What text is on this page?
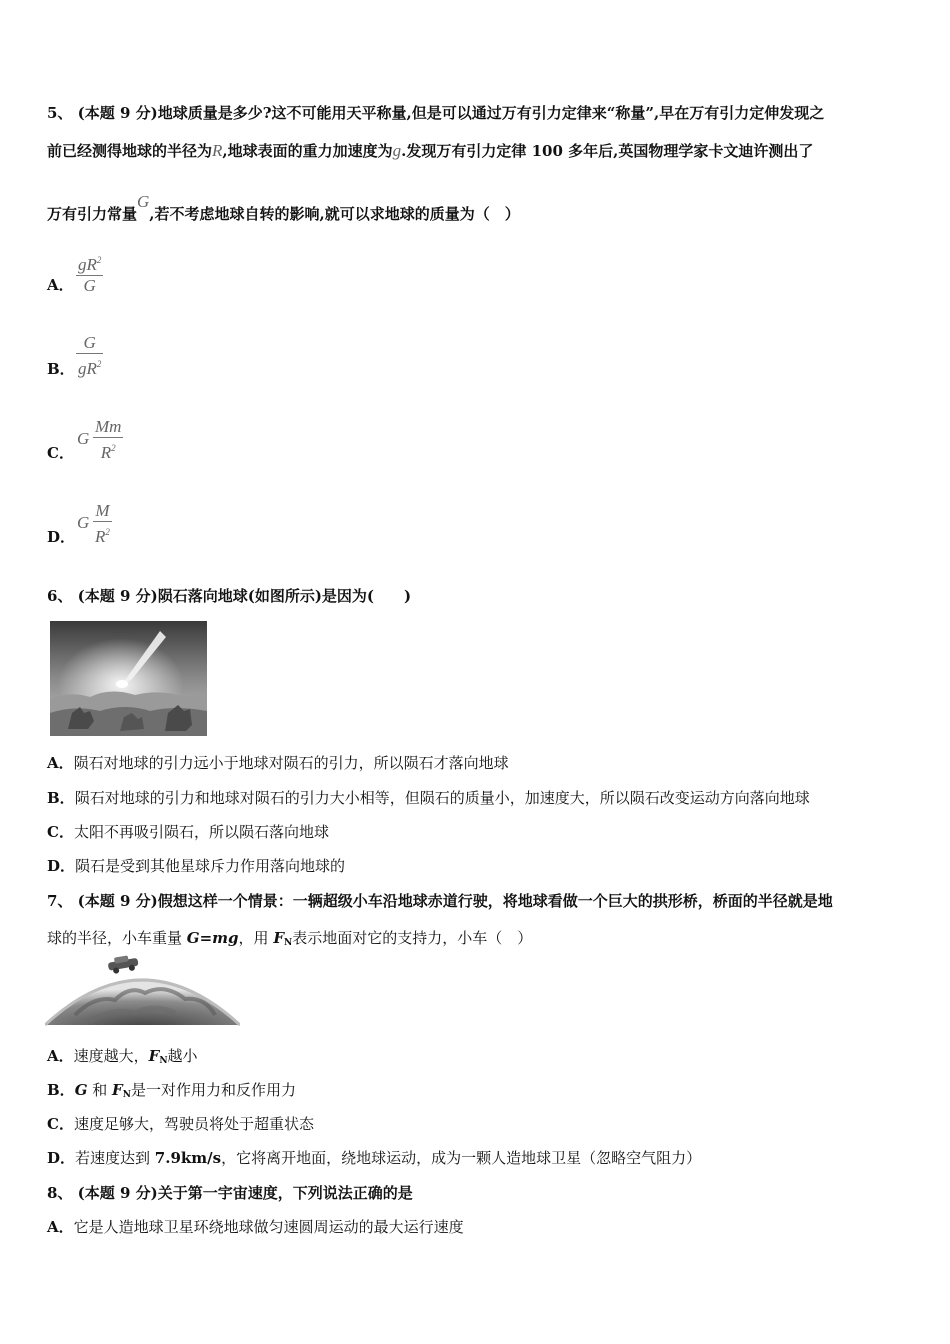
5、 (本题 9 分)地球质量是多少?这不可能用天平称量,但是可以通过万有引力定律来“称量”,早在万有引力定伸发现之
前已经测得地球的半径为R,地球表面的重力加速度为g.发现万有引力定律 100 多年后,英国物理学家卡文迪许测出了
万有引力常量G,若不考虑地球自转的影响,就可以求地球的质量为（　）
A．
$gR^2$
G
B．
G
$gR^2$
C．
G
Mm
$R^2$
D．
G
M
$R^2$
6、 (本题 9 分)陨石落向地球(如图所示)是因为(　　)
A．陨石对地球的引力远小于地球对陨石的引力，所以陨石才落向地球
B．陨石对地球的引力和地球对陨石的引力大小相等，但陨石的质量小，加速度大，所以陨石改变运动方向落向地球
C．太阳不再吸引陨石，所以陨石落向地球
D．陨石是受到其他星球斥力作用落向地球的
7、 (本题 9 分)假想这样一个情景：一辆超级小车沿地球赤道行驶，将地球看做一个巨大的拱形桥，桥面的半径就是地
球的半径，小车重量 G=mg，用 $F_N$表示地面对它的支持力，小车（　）
A．速度越大，$F_N$越小
B．G 和 $F_N$是一对作用力和反作用力
C．速度足够大，驾驶员将处于超重状态
D．若速度达到 7.9km/s，它将离开地面，绕地球运动，成为一颗人造地球卫星（忽略空气阻力）
8、 (本题 9 分)关于第一宇宙速度，下列说法正确的是
A．它是人造地球卫星环绕地球做匀速圆周运动的最大运行速度
